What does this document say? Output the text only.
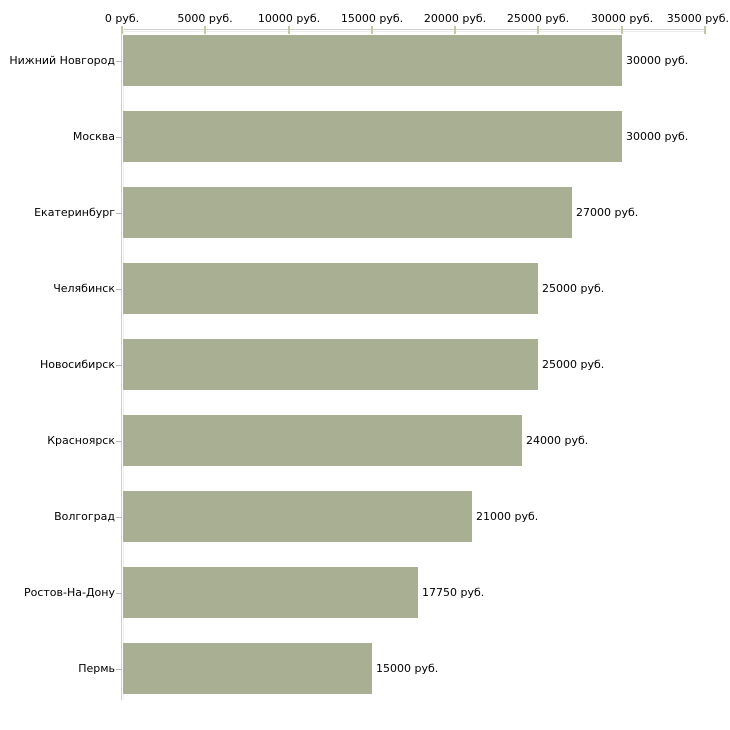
0 руб.	5000 руб.	10000 руб.	15000 руб.	20000 руб.	25000 руб.	30000 руб.	35000 руб.
Нижний Новгород	30000 руб.
Москва	30000 руб.
Екатеринбург	27000 руб.
Челябинск	25000 руб.
Новосибирск	25000 руб.
Красноярск	24000 руб.
Волгоград	21000 руб.
Ростов-На-Дону	17750 руб.
Пермь	15000 руб.
